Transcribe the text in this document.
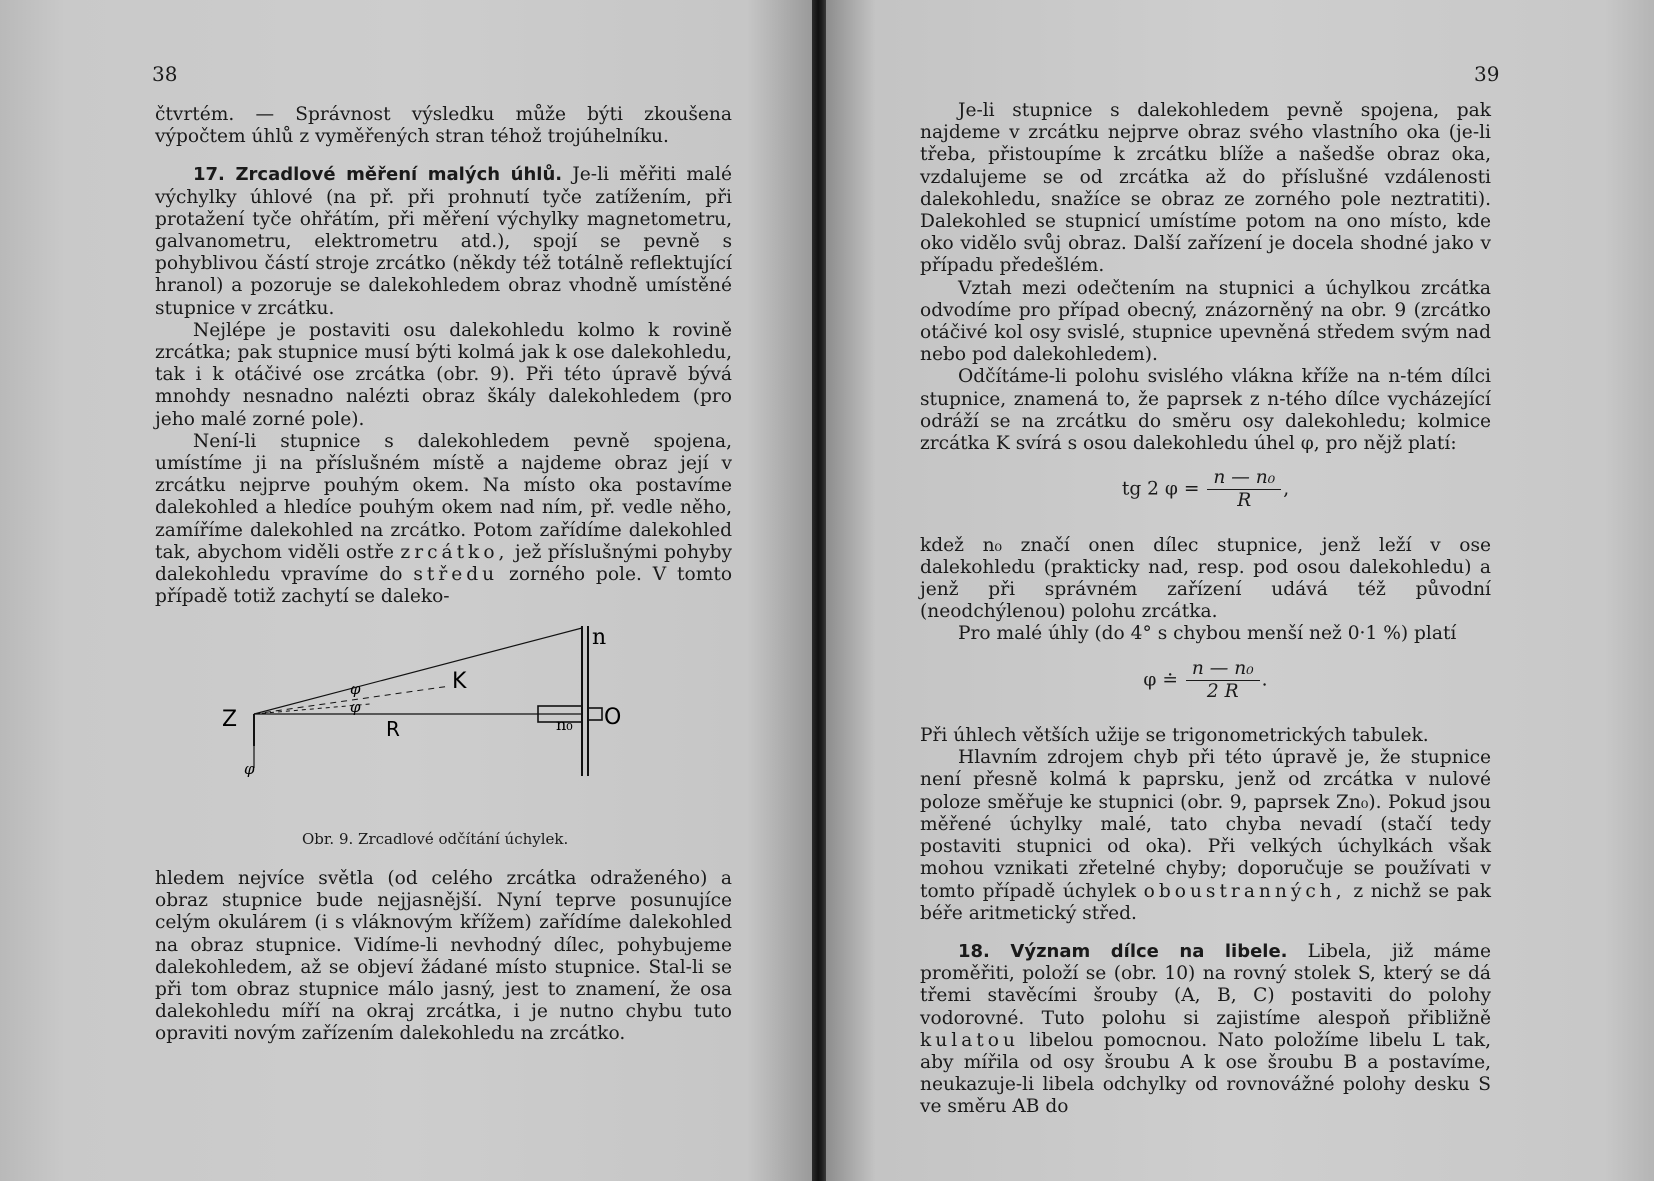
38

čtvrtém. — Správnost výsledku může býti zkoušena výpočtem úhlů z vyměřených stran téhož trojúhelníku.

17. Zrcadlové měření malých úhlů. Je-li měřiti malé výchylky úhlové (na př. při prohnutí tyče zatížením, při protažení tyče ohřátím, při měření výchylky magnetometru, galvanometru, elektrometru atd.), spojí se pevně s pohyblivou částí stroje zrcátko (někdy též totálně reflektující hranol) a pozoruje se dalekohledem obraz vhodně umístěné stupnice v zrcátku.

Nejlépe je postaviti osu dalekohledu kolmo k rovině zrcátka; pak stupnice musí býti kolmá jak k ose dalekohledu, tak i k otáčivé ose zrcátka (obr. 9). Při této úpravě bývá mnohdy nesnadno nalézti obraz škály dalekohledem (pro jeho malé zorné pole).

Není-li stupnice s dalekohledem pevně spojena, umístíme ji na příslušném místě a najdeme obraz její v zrcátku nejprve pouhým okem. Na místo oka postavíme dalekohled a hledíce pouhým okem nad ním, př. vedle něho, zamíříme dalekohled na zrcátko. Potom zařídíme dalekohled tak, abychom viděli ostře zrcátko, jež příslušnými pohyby dalekohledu vpravíme do středu zorného pole. V tomto případě totiž zachytí se daleko-

n
K
Z	R	O
n₀
φ
φ
φ
Obr. 9. Zrcadlové odčítání úchylek.

hledem nejvíce světla (od celého zrcátka odraženého) a obraz stupnice bude nejjasnější. Nyní teprve posunujíce celým okulárem (i s vláknovým křížem) zařídíme dalekohled na obraz stupnice. Vidíme-li nevhodný dílec, pohybujeme dalekohledem, až se objeví žádané místo stupnice. Stal-li se při tom obraz stupnice málo jasný, jest to znamení, že osa dalekohledu míří na okraj zrcátka, i je nutno chybu tuto opraviti novým zařízením dalekohledu na zrcátko.

39

Je-li stupnice s dalekohledem pevně spojena, pak najdeme v zrcátku nejprve obraz svého vlastního oka (je-li třeba, přistoupíme k zrcátku blíže a našedše obraz oka, vzdalujeme se od zrcátka až do příslušné vzdálenosti dalekohledu, snažíce se obraz ze zorného pole neztratiti). Dalekohled se stupnicí umístíme potom na ono místo, kde oko vidělo svůj obraz. Další zařízení je docela shodné jako v případu předešlém.

Vztah mezi odečtením na stupnici a úchylkou zrcátka odvodíme pro případ obecný, znázorněný na obr. 9 (zrcátko otáčivé kol osy svislé, stupnice upevněná středem svým nad nebo pod dalekohledem).

Odčítáme-li polohu svislého vlákna kříže na n-tém dílci stupnice, znamená to, že paprsek z n-tého dílce vycházející odráží se na zrcátku do směru osy dalekohledu; kolmice zrcátka K svírá s osou dalekohledu úhel φ, pro nějž platí:

tg 2 $\varphi = \frac{\text{n — n₀}}{R}$ ,

kdež n₀ značí onen dílec stupnice, jenž leží v ose dalekohledu (prakticky nad, resp. pod osou dalekohledu) a jenž při správném zařízení udává též původní (neodchýlenou) polohu zrcátka.

Pro malé úhly (do 4° s chybou menší než 0·1 %) platí

φ ≐ $\frac{\text{n — n₀}}{2 R}$ .

Při úhlech větších užije se trigonometrických tabulek.

Hlavním zdrojem chyb při této úpravě je, že stupnice není přesně kolmá k paprsku, jenž od zrcátka v nulové poloze směřuje ke stupnici (obr. 9, paprsek Zn₀). Pokud jsou měřené úchylky malé, tato chyba nevadí (stačí tedy postaviti stupnici od oka). Při velkých úchylkách však mohou vznikati zřetelné chyby; doporučuje se používati v tomto případě úchylek oboustranných, z nichž se pak béře aritmetický střed.

18. Význam dílce na libele. Libela, již máme proměřiti, položí se (obr. 10) na rovný stolek S, který se dá třemi stavěcími šrouby (A, B, C) postaviti do polohy vodorovné. Tuto polohu si zajistíme alespoň přibližně kulatou libelou pomocnou. Nato položíme libelu L tak, aby mířila od osy šroubu A k ose šroubu B a postavíme, neukazuje-li libela odchylky od rovnovážné polohy desku S ve směru AB do
